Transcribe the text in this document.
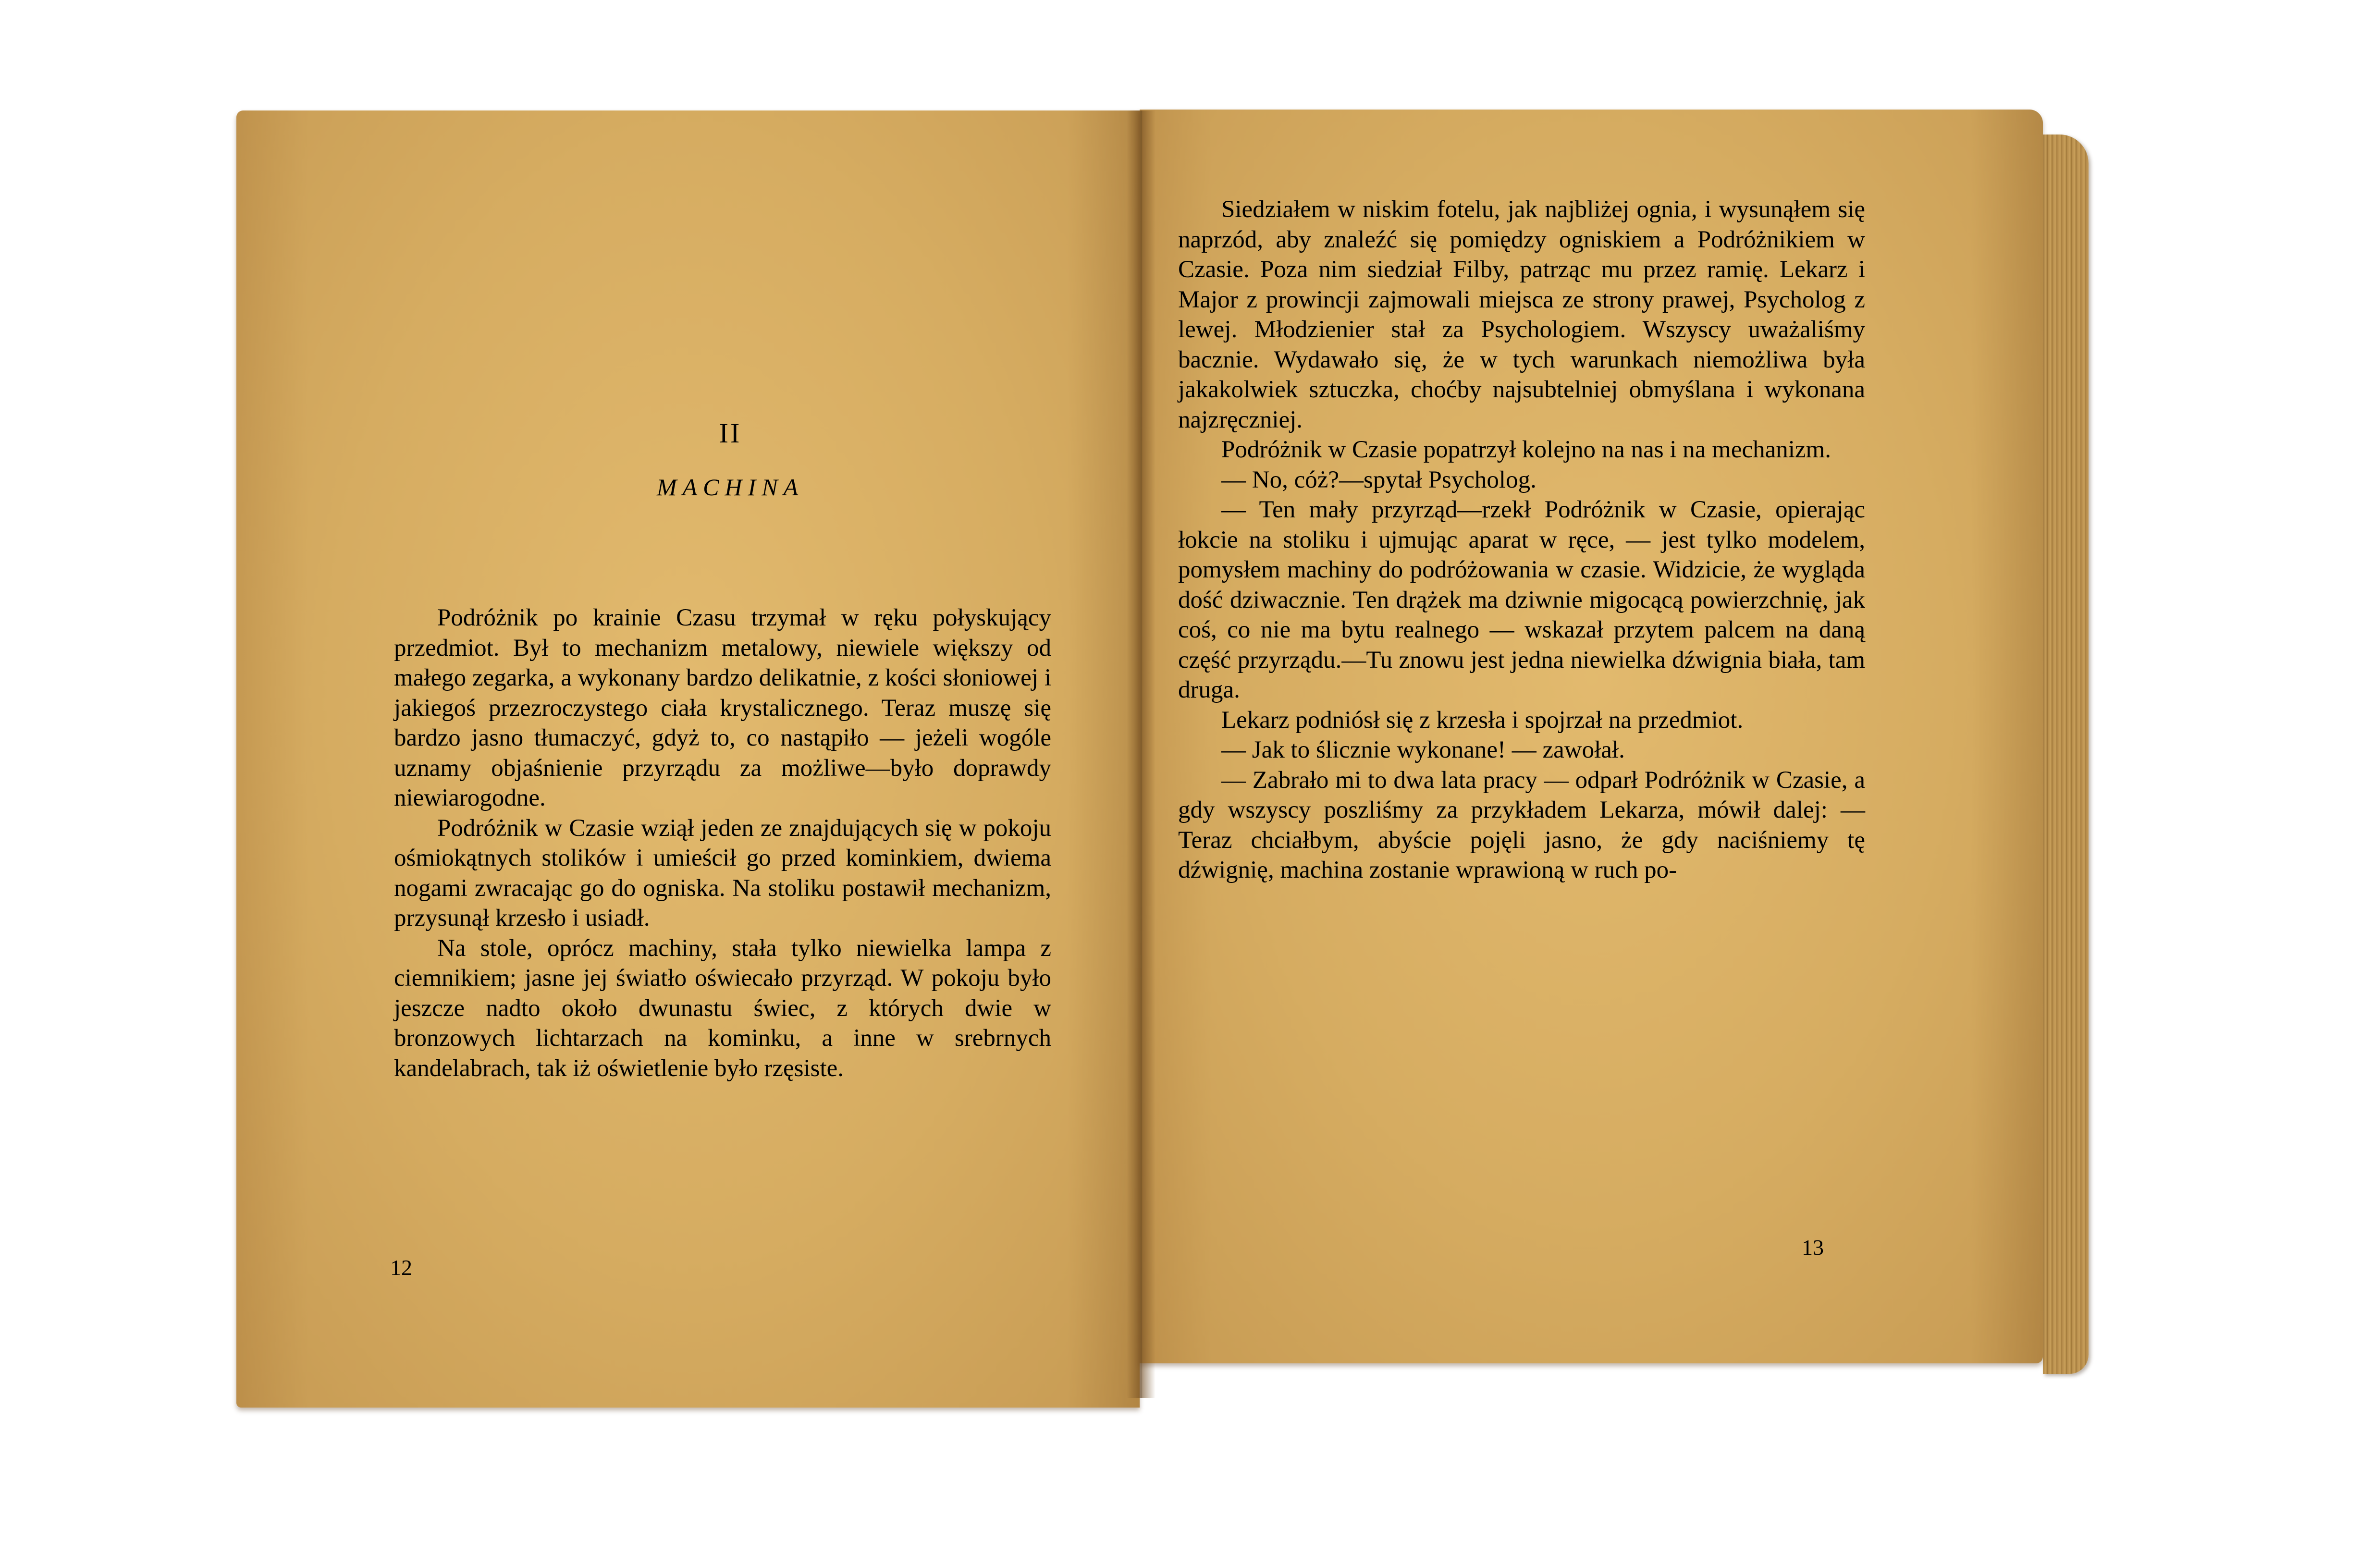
II
MACHINA

Podróżnik po krainie Czasu trzymał w ręku połyskujący przedmiot. Był to mechanizm metalowy, niewiele większy od małego zegarka, a wykonany bardzo delikatnie, z kości słoniowej i jakiegoś przezroczystego ciała krystalicznego. Teraz muszę się bardzo jasno tłumaczyć, gdyż to, co nastąpiło — jeżeli wogóle uznamy objaśnienie przyrządu za możliwe—było doprawdy niewiarogodne.

Podróżnik w Czasie wziął jeden ze znajdujących się w pokoju ośmiokątnych stolików i umieścił go przed kominkiem, dwiema nogami zwracając go do ogniska. Na stoliku postawił mechanizm, przysunął krzesło i usiadł.

Na stole, oprócz machiny, stała tylko niewielka lampa z ciemnikiem; jasne jej światło oświecało przyrząd. W pokoju było jeszcze nadto około dwunastu świec, z których dwie w bronzowych lichtarzach na kominku, a inne w srebrnych kandelabrach, tak iż oświetlenie było rzęsiste.

12

Siedziałem w niskim fotelu, jak najbliżej ognia, i wysunąłem się naprzód, aby znaleźć się pomiędzy ogniskiem a Podróżnikiem w Czasie. Poza nim siedział Filby, patrząc mu przez ramię. Lekarz i Major z prowincji zajmowali miejsca ze strony prawej, Psycholog z lewej. Młodzienier stał za Psychologiem. Wszyscy uważaliśmy bacznie. Wydawało się, że w tych warunkach niemożliwa była jakakolwiek sztuczka, choćby najsubtelniej obmyślana i wykonana najzręczniej.

Podróżnik w Czasie popatrzył kolejno na nas i na mechanizm.

— No, cóż?—spytał Psycholog.

— Ten mały przyrząd—rzekł Podróżnik w Czasie, opierając łokcie na stoliku i ujmując aparat w ręce, — jest tylko modelem, pomysłem machiny do podróżowania w czasie. Widzicie, że wygląda dość dziwacznie. Ten drążek ma dziwnie migocącą powierzchnię, jak coś, co nie ma bytu realnego — wskazał przytem palcem na daną część przyrządu.—Tu znowu jest jedna niewielka dźwignia biała, tam druga.

Lekarz podniósł się z krzesła i spojrzał na przedmiot.

— Jak to ślicznie wykonane! — zawołał.

— Zabrało mi to dwa lata pracy — odparł Podróżnik w Czasie, a gdy wszyscy poszliśmy za przykładem Lekarza, mówił dalej: — Teraz chciałbym, abyście pojęli jasno, że gdy naciśniemy tę dźwignię, machina zostanie wprawioną w ruch po-

13
